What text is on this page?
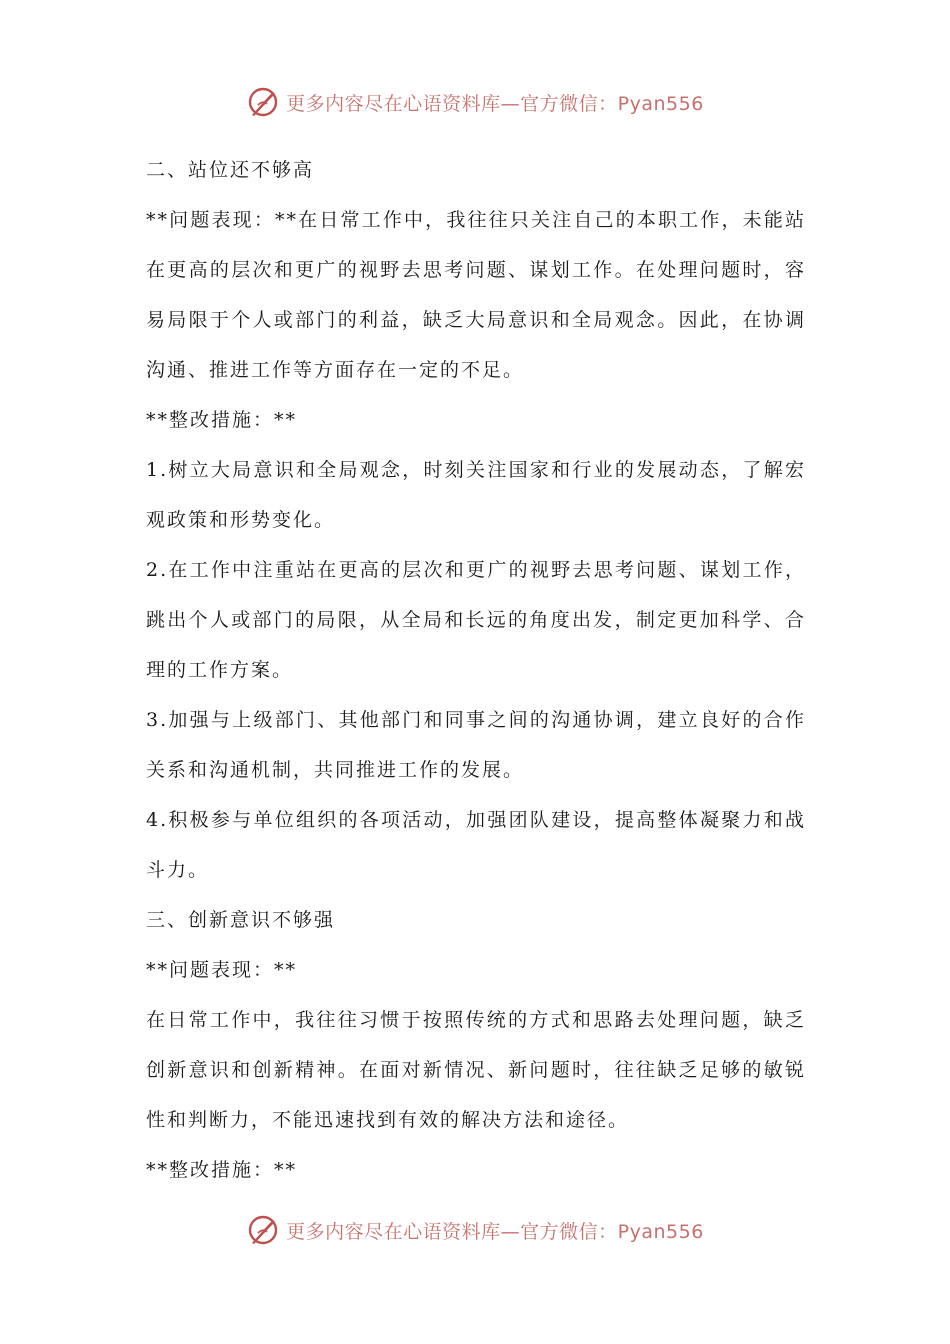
更多内容尽在心语资料库—官方微信：Pyan556

二、站位还不够高

**问题表现：**在日常工作中，我往往只关注自己的本职工作，未能站在更高的层次和更广的视野去思考问题、谋划工作。在处理问题时，容易局限于个人或部门的利益，缺乏大局意识和全局观念。因此，在协调沟通、推进工作等方面存在一定的不足。

**整改措施：**

1.树立大局意识和全局观念，时刻关注国家和行业的发展动态，了解宏观政策和形势变化。

2.在工作中注重站在更高的层次和更广的视野去思考问题、谋划工作，跳出个人或部门的局限，从全局和长远的角度出发，制定更加科学、合理的工作方案。

3.加强与上级部门、其他部门和同事之间的沟通协调，建立良好的合作关系和沟通机制，共同推进工作的发展。

4.积极参与单位组织的各项活动，加强团队建设，提高整体凝聚力和战斗力。

三、创新意识不够强

**问题表现：**

在日常工作中，我往往习惯于按照传统的方式和思路去处理问题，缺乏创新意识和创新精神。在面对新情况、新问题时，往往缺乏足够的敏锐性和判断力，不能迅速找到有效的解决方法和途径。

**整改措施：**

更多内容尽在心语资料库—官方微信：Pyan556
